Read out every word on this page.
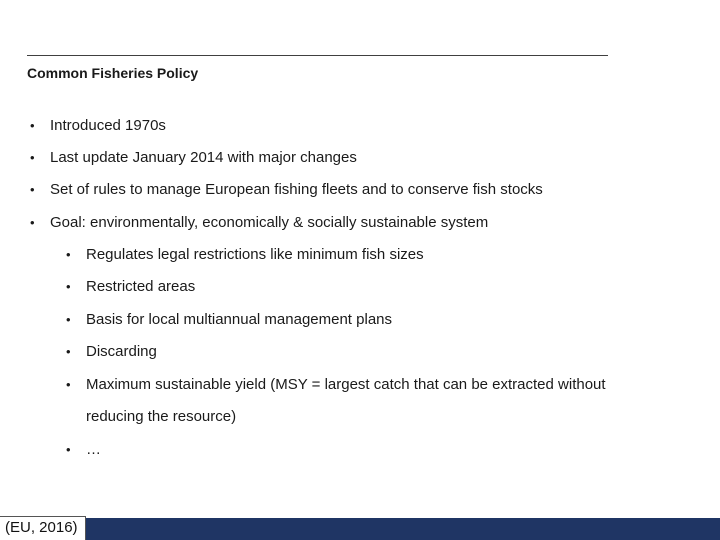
Common Fisheries Policy
• Introduced 1970s
• Last update January 2014 with major changes
• Set of rules to manage European fishing fleets and to conserve fish stocks
• Goal: environmentally, economically & socially sustainable system
• Regulates legal restrictions like minimum fish sizes
• Restricted areas
• Basis for local multiannual management plans
• Discarding
• Maximum sustainable yield (MSY = largest catch that can be extracted without
reducing the resource)
• …
(EU, 2016)
